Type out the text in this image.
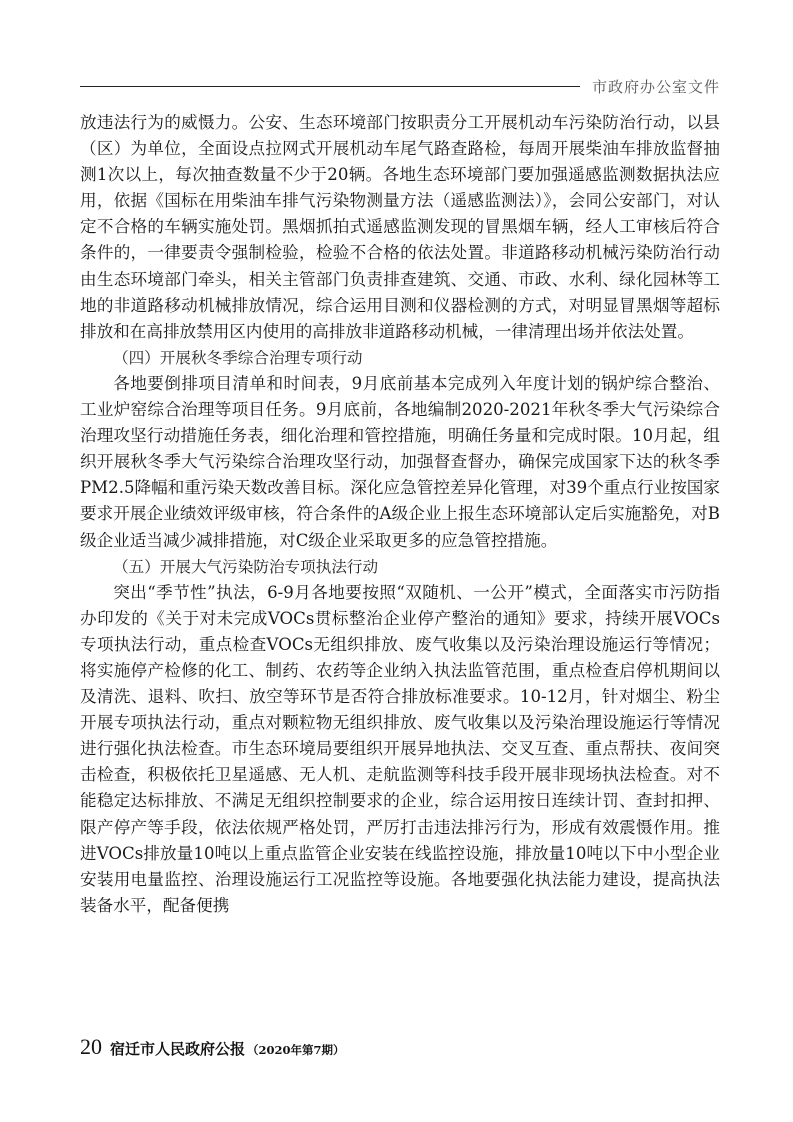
市政府办公室文件

放违法行为的威慑力。公安、生态环境部门按职责分工开展机动车污染防治行动，以县（区）为单位，全面设点拉网式开展机动车尾气路查路检，每周开展柴油车排放监督抽测1次以上，每次抽查数量不少于20辆。各地生态环境部门要加强遥感监测数据执法应用，依据《国标在用柴油车排气污染物测量方法（遥感监测法）》，会同公安部门，对认定不合格的车辆实施处罚。黑烟抓拍式遥感监测发现的冒黑烟车辆，经人工审核后符合条件的，一律要责令强制检验，检验不合格的依法处置。非道路移动机械污染防治行动由生态环境部门牵头，相关主管部门负责排查建筑、交通、市政、水利、绿化园林等工地的非道路移动机械排放情况，综合运用目测和仪器检测的方式，对明显冒黑烟等超标排放和在高排放禁用区内使用的高排放非道路移动机械，一律清理出场并依法处置。

（四）开展秋冬季综合治理专项行动

各地要倒排项目清单和时间表，9月底前基本完成列入年度计划的锅炉综合整治、工业炉窑综合治理等项目任务。9月底前，各地编制2020-2021年秋冬季大气污染综合治理攻坚行动措施任务表，细化治理和管控措施，明确任务量和完成时限。10月起，组织开展秋冬季大气污染综合治理攻坚行动，加强督查督办，确保完成国家下达的秋冬季PM2.5降幅和重污染天数改善目标。深化应急管控差异化管理，对39个重点行业按国家要求开展企业绩效评级审核，符合条件的A级企业上报生态环境部认定后实施豁免，对B级企业适当减少减排措施，对C级企业采取更多的应急管控措施。

（五）开展大气污染防治专项执法行动

突出“季节性”执法，6-9月各地要按照“双随机、一公开”模式，全面落实市污防指办印发的《关于对未完成VOCs贯标整治企业停产整治的通知》要求，持续开展VOCs专项执法行动，重点检查VOCs无组织排放、废气收集以及污染治理设施运行等情况；将实施停产检修的化工、制药、农药等企业纳入执法监管范围，重点检查启停机期间以及清洗、退料、吹扫、放空等环节是否符合排放标准要求。10-12月，针对烟尘、粉尘开展专项执法行动，重点对颗粒物无组织排放、废气收集以及污染治理设施运行等情况进行强化执法检查。市生态环境局要组织开展异地执法、交叉互查、重点帮扶、夜间突击检查，积极依托卫星遥感、无人机、走航监测等科技手段开展非现场执法检查。对不能稳定达标排放、不满足无组织控制要求的企业，综合运用按日连续计罚、查封扣押、限产停产等手段，依法依规严格处罚，严厉打击违法排污行为，形成有效震慑作用。推进VOCs排放量10吨以上重点监管企业安装在线监控设施，排放量10吨以下中小型企业安装用电量监控、治理设施运行工况监控等设施。各地要强化执法能力建设，提高执法装备水平，配备便携

20 宿迁市人民政府公报 （2020年第7期）
